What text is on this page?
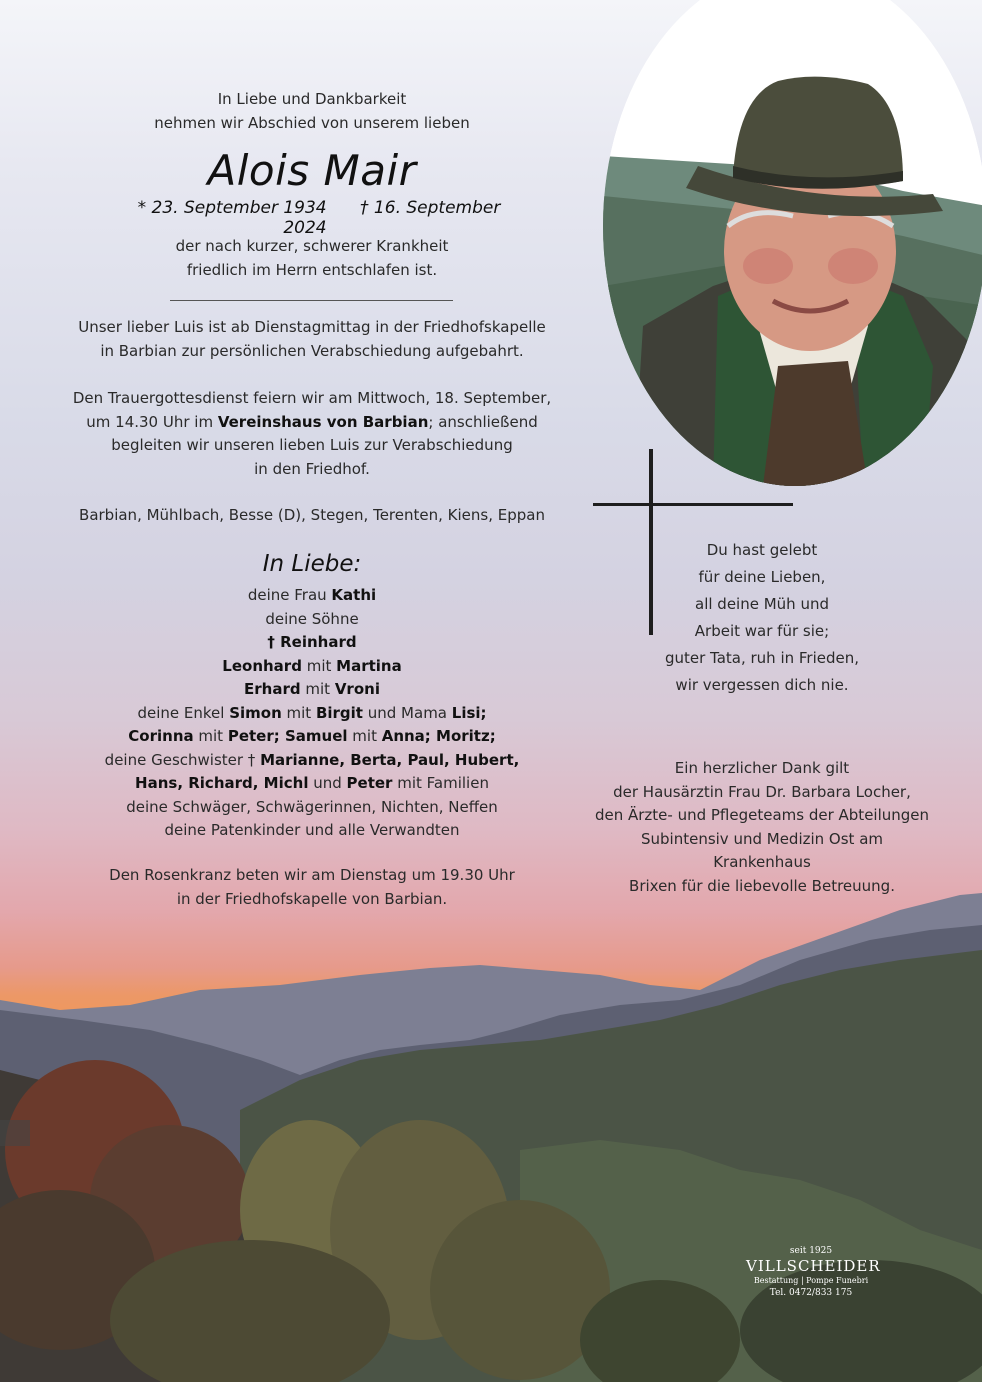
In Liebe und Dankbarkeit
nehmen wir Abschied von unserem lieben
Alois Mair
* 23. September 1934 † 16. September 2024
der nach kurzer, schwerer Krankheit
friedlich im Herrn entschlafen ist.
Unser lieber Luis ist ab Dienstagmittag in der Friedhofskapelle
in Barbian zur persönlichen Verabschiedung aufgebahrt.
Den Trauergottesdienst feiern wir am Mittwoch, 18. September,
um 14.30 Uhr im Vereinshaus von Barbian; anschließend
begleiten wir unseren lieben Luis zur Verabschiedung
in den Friedhof.
Barbian, Mühlbach, Besse (D), Stegen, Terenten, Kiens, Eppan
In Liebe:
deine Frau Kathi
deine Söhne
† Reinhard
Leonhard mit Martina
Erhard mit Vroni
deine Enkel Simon mit Birgit und Mama Lisi;
Corinna mit Peter; Samuel mit Anna; Moritz;
deine Geschwister † Marianne, Berta, Paul, Hubert,
Hans, Richard, Michl und Peter mit Familien
deine Schwäger, Schwägerinnen, Nichten, Neffen
deine Patenkinder und alle Verwandten
Den Rosenkranz beten wir am Dienstag um 19.30 Uhr
in der Friedhofskapelle von Barbian.
Du hast gelebt
für deine Lieben,
all deine Müh und
Arbeit war für sie;
guter Tata, ruh in Frieden,
wir vergessen dich nie.
Ein herzlicher Dank gilt
der Hausärztin Frau Dr. Barbara Locher,
den Ärzte- und Pflegeteams der Abteilungen
Subintensiv und Medizin Ost am Krankenhaus
Brixen für die liebevolle Betreuung.
seit 1925
VILLSCHEIDER
Bestattung | Pompe Funebri
Tel. 0472/833 175
